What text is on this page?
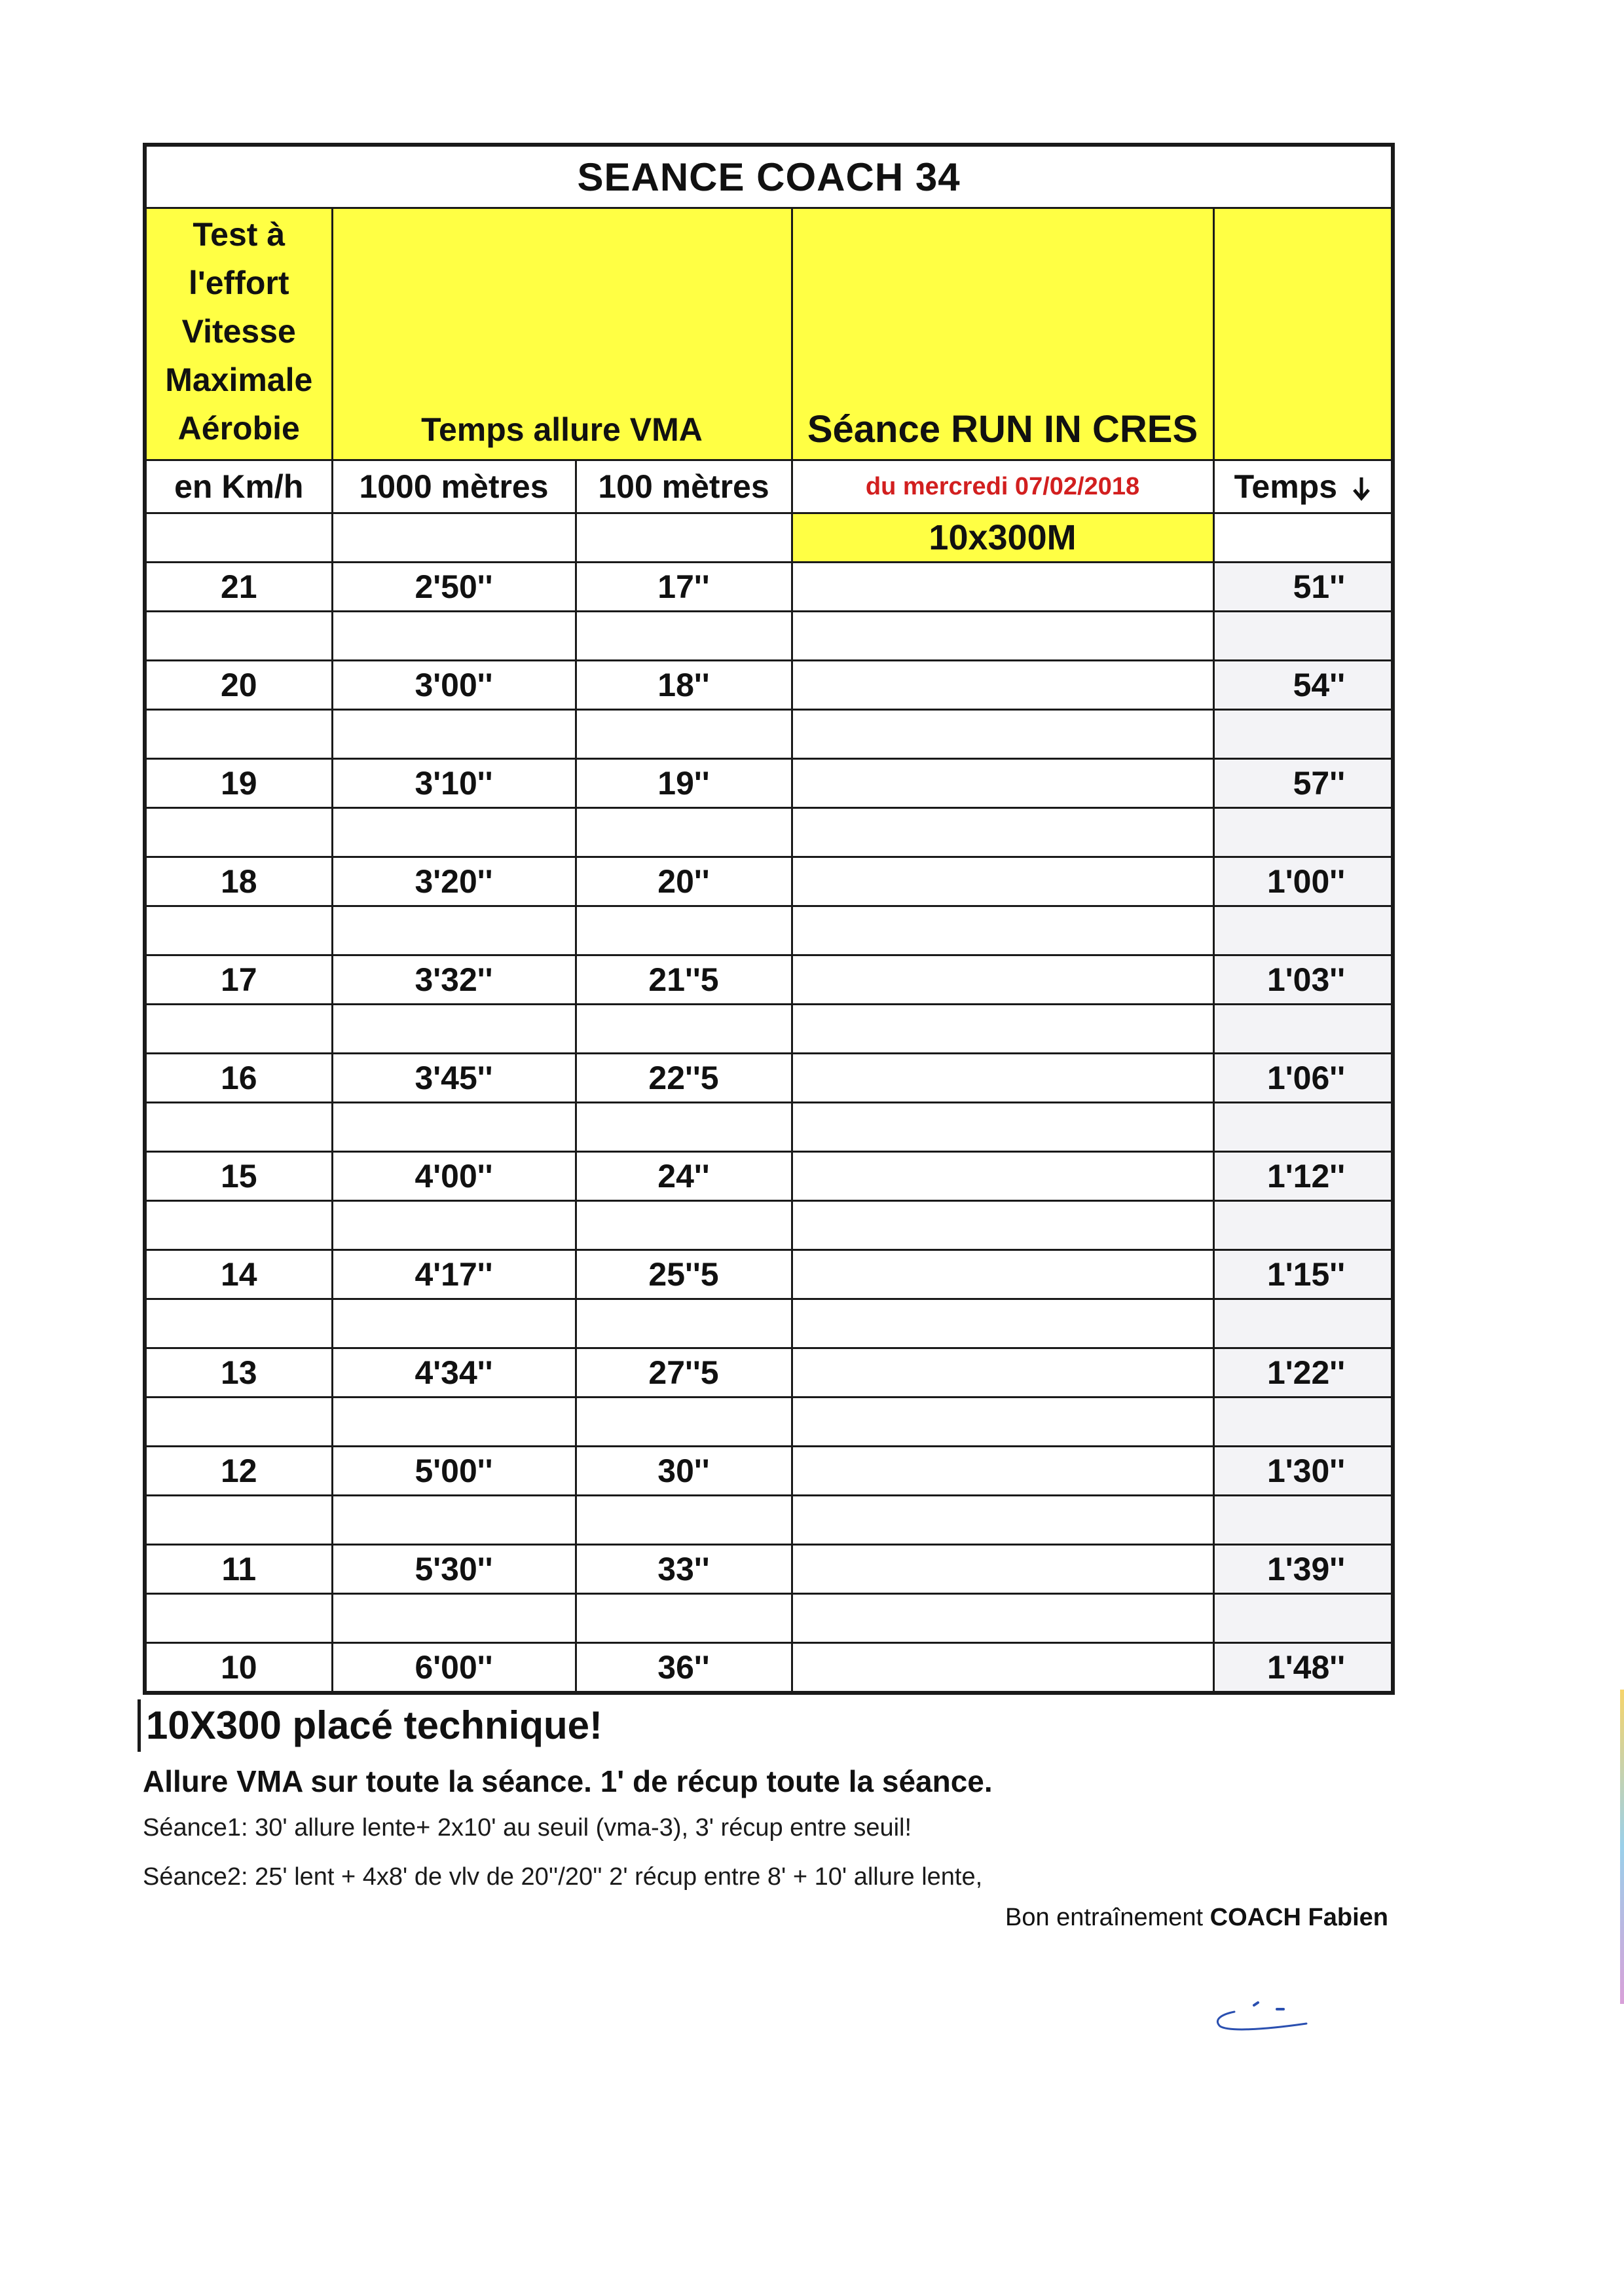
SEANCE COACH 34				

Test à
l'effort
Vitesse
Maximale
Aérobie	Temps allure VMA		Séance RUN IN CRES	
en Km/h	1000 mètres	100 mètres	du mercredi 07/02/2018	Temps
			10x300M	
21	2'50''	17''		51''

20	3'00''	18''		54''

19	3'10''	19''		57''

18	3'20''	20''		1'00''

17	3'32''	21''5		1'03''

16	3'45''	22''5		1'06''

15	4'00''	24''		1'12''

14	4'17''	25''5		1'15''

13	4'34''	27''5		1'22''

12	5'00''	30''		1'30''

11	5'30''	33''		1'39''

10	6'00''	36''		1'48''
10X300 placé technique!
Allure VMA sur toute la séance. 1' de récup toute la séance.
Séance1: 30' allure lente+ 2x10' au seuil (vma-3), 3' récup entre seuil!
Séance2: 25' lent + 4x8' de vlv de 20''/20'' 2' récup entre 8' + 10' allure lente,
Bon entraînement COACH Fabien
